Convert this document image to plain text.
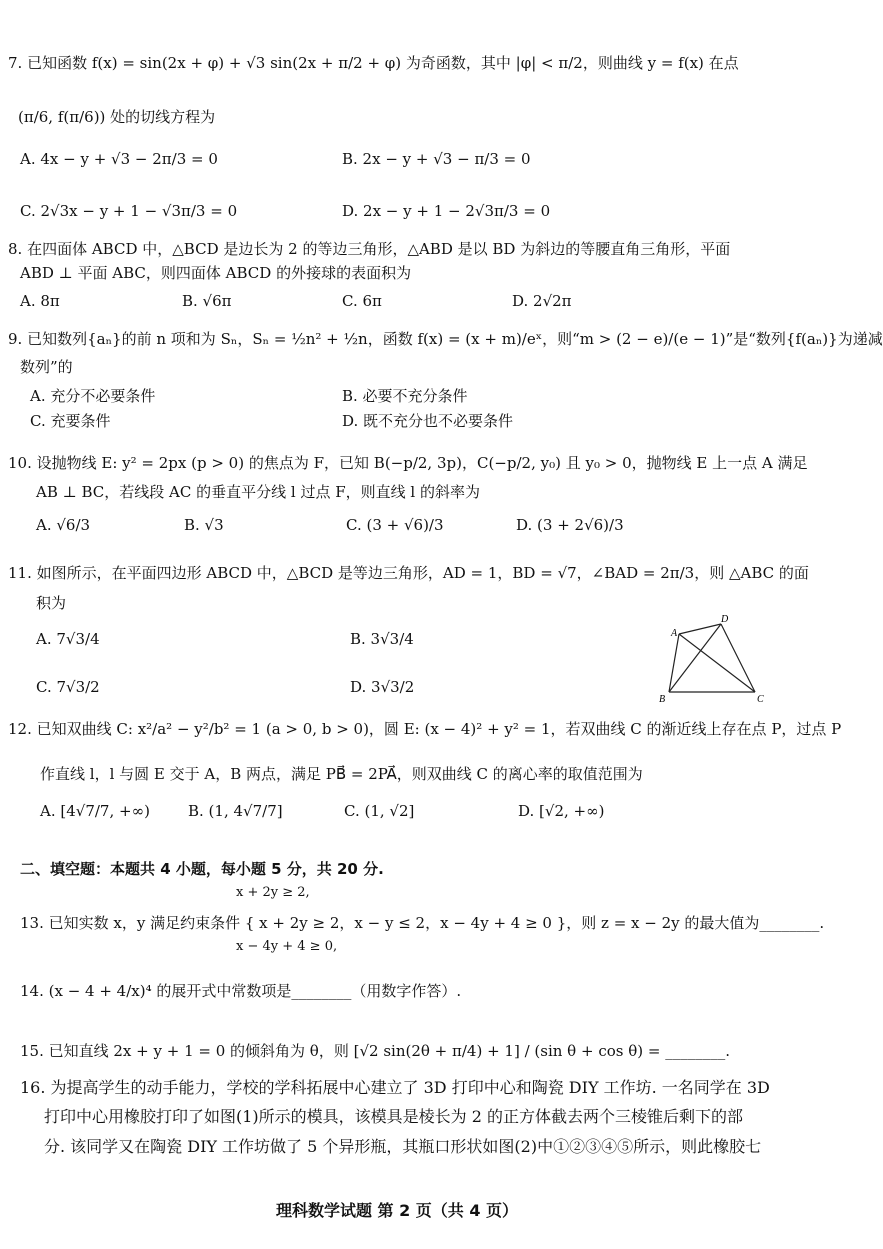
7. 已知函数 f(x) = sin(2x + φ) + √3 sin(2x + π/2 + φ) 为奇函数，其中 |φ| < π/2，则曲线 y = f(x) 在点
(π/6, f(π/6)) 处的切线方程为
A. 4x − y + √3 − 2π/3 = 0	B. 2x − y + √3 − π/3 = 0
C. 2√3x − y + 1 − √3π/3 = 0	D. 2x − y + 1 − 2√3π/3 = 0
8. 在四面体 ABCD 中，△BCD 是边长为 2 的等边三角形，△ABD 是以 BD 为斜边的等腰直角三角形，平面
ABD ⊥ 平面 ABC，则四面体 ABCD 的外接球的表面积为
A. 8π	B. √6π	C. 6π	D. 2√2π
9. 已知数列{aₙ}的前 n 项和为 Sₙ，Sₙ = ½n² + ½n，函数 f(x) = (x + m)/eˣ，则“m > (2 − e)/(e − 1)”是“数列{f(aₙ)}为递减
数列”的
A. 充分不必要条件	B. 必要不充分条件
C. 充要条件	D. 既不充分也不必要条件
10. 设抛物线 E: y² = 2px (p > 0) 的焦点为 F，已知 B(−p/2, 3p)，C(−p/2, y₀) 且 y₀ > 0，抛物线 E 上一点 A 满足
AB ⊥ BC，若线段 AC 的垂直平分线 l 过点 F，则直线 l 的斜率为
A. √6/3	B. √3	C. (3 + √6)/3	D. (3 + 2√6)/3
11. 如图所示，在平面四边形 ABCD 中，△BCD 是等边三角形，AD = 1，BD = √7，∠BAD = 2π/3，则 △ABC 的面
积为
A. 7√3/4	B. 3√3/4
C. 7√3/2	D. 3√3/2
A
D
B	C
12. 已知双曲线 C: x²/a² − y²/b² = 1 (a > 0, b > 0)，圆 E: (x − 4)² + y² = 1，若双曲线 C 的渐近线上存在点 P，过点 P
作直线 l，l 与圆 E 交于 A，B 两点，满足 PB⃗ = 2PA⃗，则双曲线 C 的离心率的取值范围为
A. [4√7/7, +∞)	B. (1, 4√7/7]	C. (1, √2]	D. [√2, +∞)
二、填空题：本题共 4 小题，每小题 5 分，共 20 分.
13. 已知实数 x，y 满足约束条件 { x + 2y ≥ 2，x − y ≤ 2，x − 4y + 4 ≥ 0 }，则 z = x − 2y 的最大值为________.
x + 2y ≥ 2,
x − 4y + 4 ≥ 0,
14. (x − 4 + 4/x)⁴ 的展开式中常数项是________（用数字作答）.
15. 已知直线 2x + y + 1 = 0 的倾斜角为 θ，则 [√2 sin(2θ + π/4) + 1] / (sin θ + cos θ) = ________.
16. 为提高学生的动手能力，学校的学科拓展中心建立了 3D 打印中心和陶瓷 DIY 工作坊. 一名同学在 3D
打印中心用橡胶打印了如图(1)所示的模具，该模具是棱长为 2 的正方体截去两个三棱锥后剩下的部
分. 该同学又在陶瓷 DIY 工作坊做了 5 个异形瓶，其瓶口形状如图(2)中①②③④⑤所示，则此橡胶七
理科数学试题 第 2 页（共 4 页）
